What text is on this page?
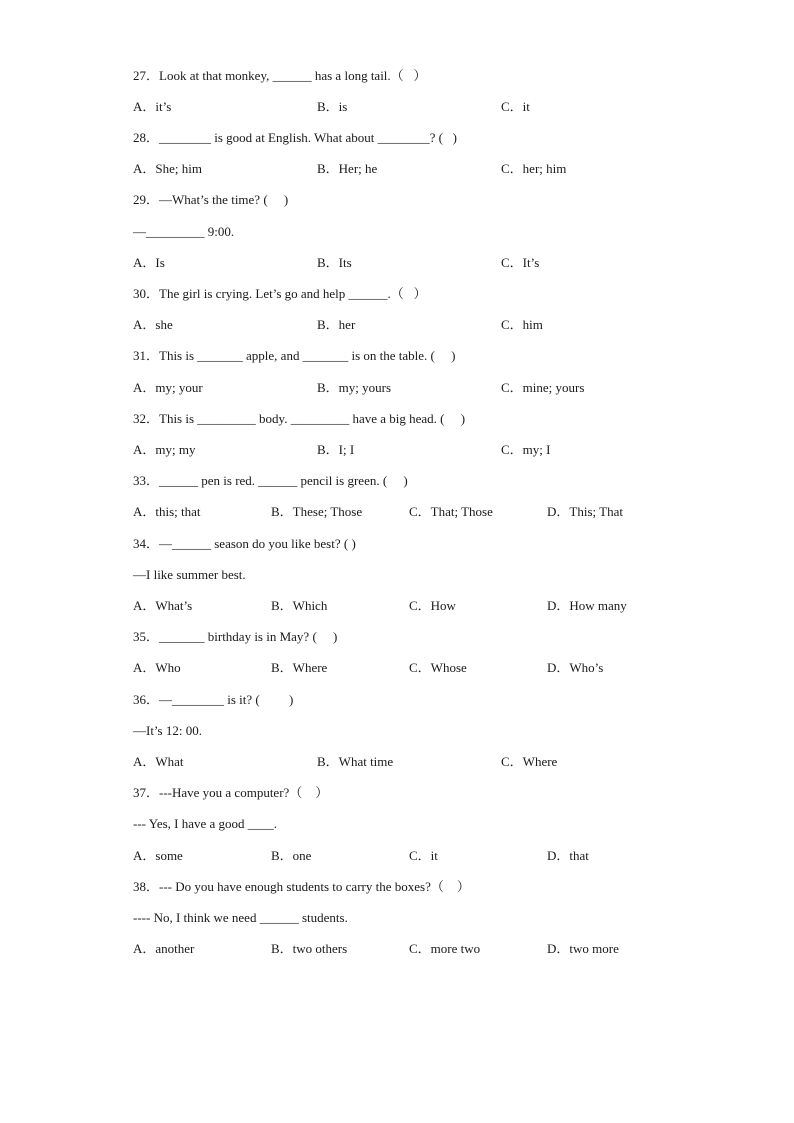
27．Look at that monkey, ______ has a long tail.（   ）
A．it’s	B．is	C．it
28．________ is good at English. What about ________? (   )
A．She; him	B．Her; he	C．her; him
29．—What’s the time? (     )
—_________ 9:00.
A．Is	B．Its	C．It’s
30．The girl is crying. Let’s go and help ______.（   ）
A．she	B．her	C．him
31．This is _______ apple, and _______ is on the table. (     )
A．my; your	B．my; yours	C．mine; yours
32．This is _________ body. _________ have a big head. (     )
A．my; my	B．I; I	C．my; I
33．______ pen is red. ______ pencil is green. (     )
A．this; that	B．These; Those	C．That; Those	D．This; That
34．—______ season do you like best? ( )
—I like summer best.
A．What’s	B．Which	C．How	D．How many
35．_______ birthday is in May? (     )
A．Who	B．Where	C．Whose	D．Who’s
36．—________ is it? (         )
—It’s 12: 00.
A．What	B．What time	C．Where
37．---Have you a computer?（    ）
--- Yes, I have a good ____.
A．some	B．one	C．it	D．that
38．--- Do you have enough students to carry the boxes?（    ）
---- No, I think we need ______ students.
A．another	B．two others	C．more two	D．two more
